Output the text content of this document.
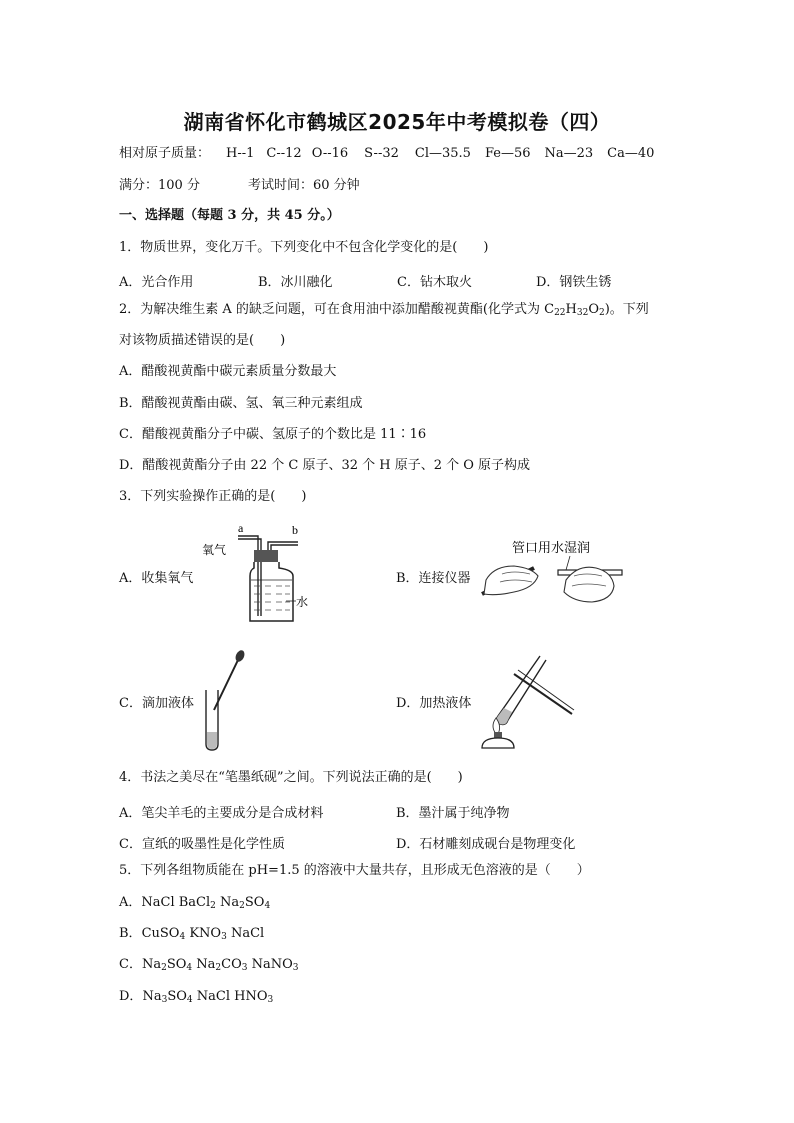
湖南省怀化市鹤城区2025年中考模拟卷（四）
相对原子质量： H--1 C--12 O--16 S--32 Cl—35.5 Fe—56 Na—23 Ca—40
满分：100 分	考试时间：60 分钟
一、选择题（每题 3 分，共 45 分。）
1．物质世界，变化万千。下列变化中不包含化学变化的是(　　)
A．光合作用	B．冰川融化	C．钻木取火	D．钢铁生锈
2．为解决维生素 A 的缺乏问题，可在食用油中添加醋酸视黄酯(化学式为 $C_{22}H_{32}O_2$)。下列
对该物质描述错误的是(　　)
A．醋酸视黄酯中碳元素质量分数最大
B．醋酸视黄酯由碳、氢、氧三种元素组成
C．醋酸视黄酯分子中碳、氢原子的个数比是 11∶16
D．醋酸视黄酯分子由 22 个 C 原子、32 个 H 原子、2 个 O 原子构成
3．下列实验操作正确的是(　　)
A．收集氧气	B．连接仪器
C．滴加液体	D．加热液体
a	b
氧气
水
管口用水湿润
4．书法之美尽在“笔墨纸砚”之间。下列说法正确的是(　　)
A．笔尖羊毛的主要成分是合成材料	B．墨汁属于纯净物
C．宣纸的吸墨性是化学性质	D．石材雕刻成砚台是物理变化
5．下列各组物质能在 pH=1.5 的溶液中大量共存，且形成无色溶液的是（　　）
A．NaCl BaCl$_2$ $Na_2SO_4$
B．CuSO$_4$ $KNO_3$ NaCl
C．$Na_2SO_4$ $Na_2CO_3$ NaNO$_3$
D．$Na_3SO_4$ NaCl $HNO_3$
